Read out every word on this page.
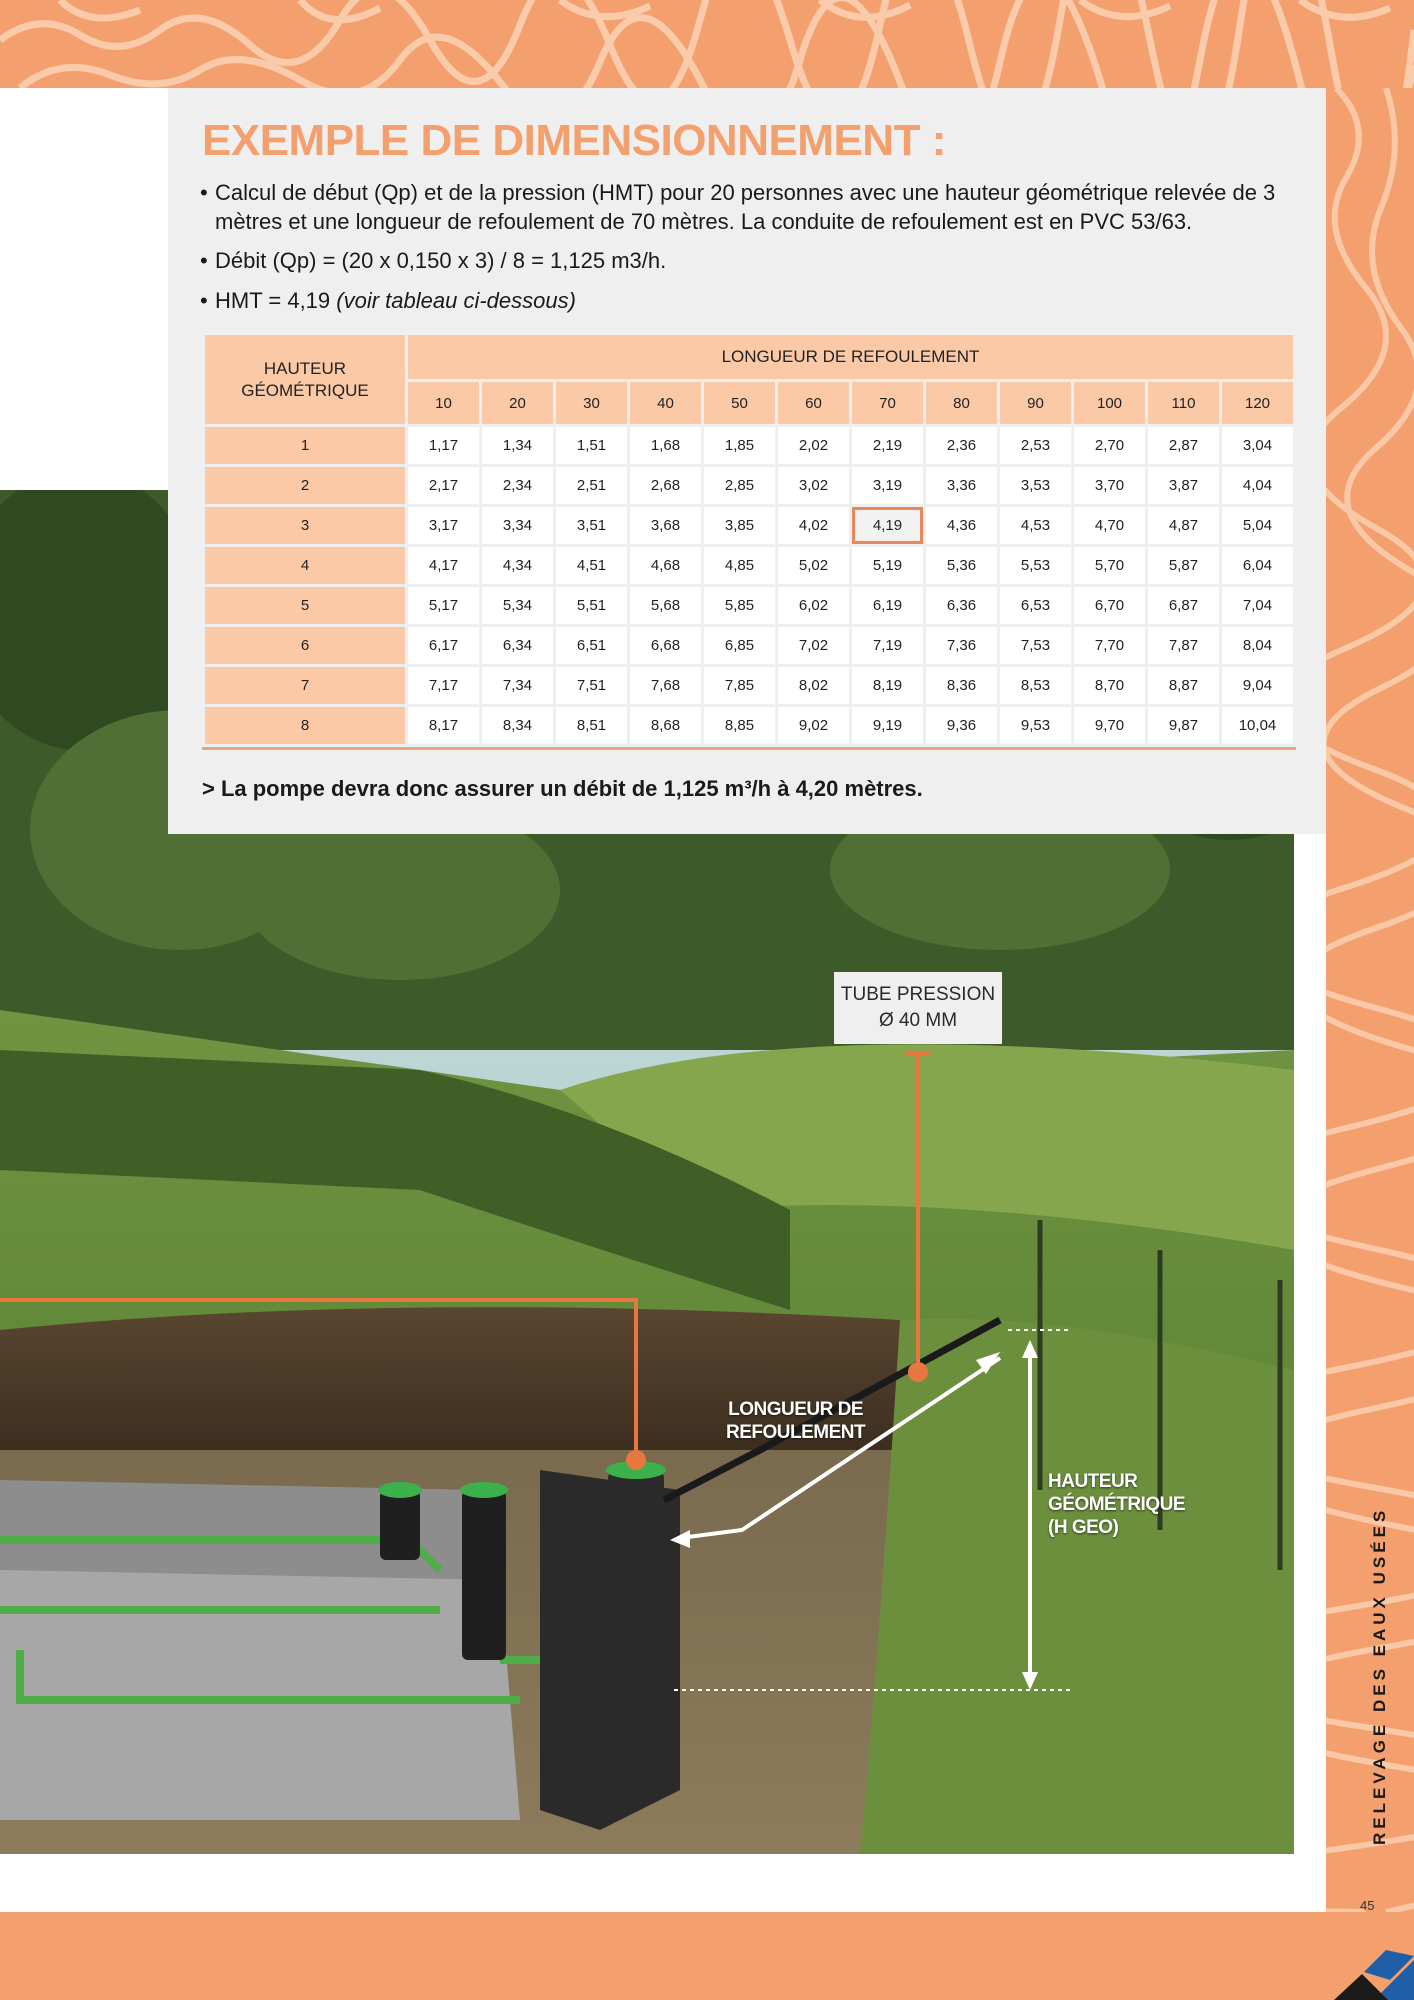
TUBE PRESSION
Ø 40 MM
LONGUEUR DE
REFOULEMENT
HAUTEUR
GÉOMÉTRIQUE
(H GEO)
EXEMPLE DE DIMENSIONNEMENT :
• Calcul de début (Qp) et de la pression (HMT) pour 20 personnes avec une hauteur géométrique relevée de 3 mètres et une longueur de refoulement de 70 mètres. La conduite de refoulement est en PVC 53/63.
• Débit (Qp) = (20 x 0,150 x 3) / 8 = 1,125 m3/h.
• HMT = 4,19 (voir tableau ci-dessous)
HAUTEUR
GÉOMÉTRIQUE	LONGUEUR DE REFOULEMENT											
	10	20	30	40	50	60	70	80	90	100	110	120
1	1,17	1,34	1,51	1,68	1,85	2,02	2,19	2,36	2,53	2,70	2,87	3,04
2	2,17	2,34	2,51	2,68	2,85	3,02	3,19	3,36	3,53	3,70	3,87	4,04
3	3,17	3,34	3,51	3,68	3,85	4,02	4,19	4,36	4,53	4,70	4,87	5,04
4	4,17	4,34	4,51	4,68	4,85	5,02	5,19	5,36	5,53	5,70	5,87	6,04
5	5,17	5,34	5,51	5,68	5,85	6,02	6,19	6,36	6,53	6,70	6,87	7,04
6	6,17	6,34	6,51	6,68	6,85	7,02	7,19	7,36	7,53	7,70	7,87	8,04
7	7,17	7,34	7,51	7,68	7,85	8,02	8,19	8,36	8,53	8,70	8,87	9,04
8	8,17	8,34	8,51	8,68	8,85	9,02	9,19	9,36	9,53	9,70	9,87	10,04
> La pompe devra donc assurer un débit de 1,125 m³/h à 4,20 mètres.
RELEVAGE DES EAUX USÉES
45
